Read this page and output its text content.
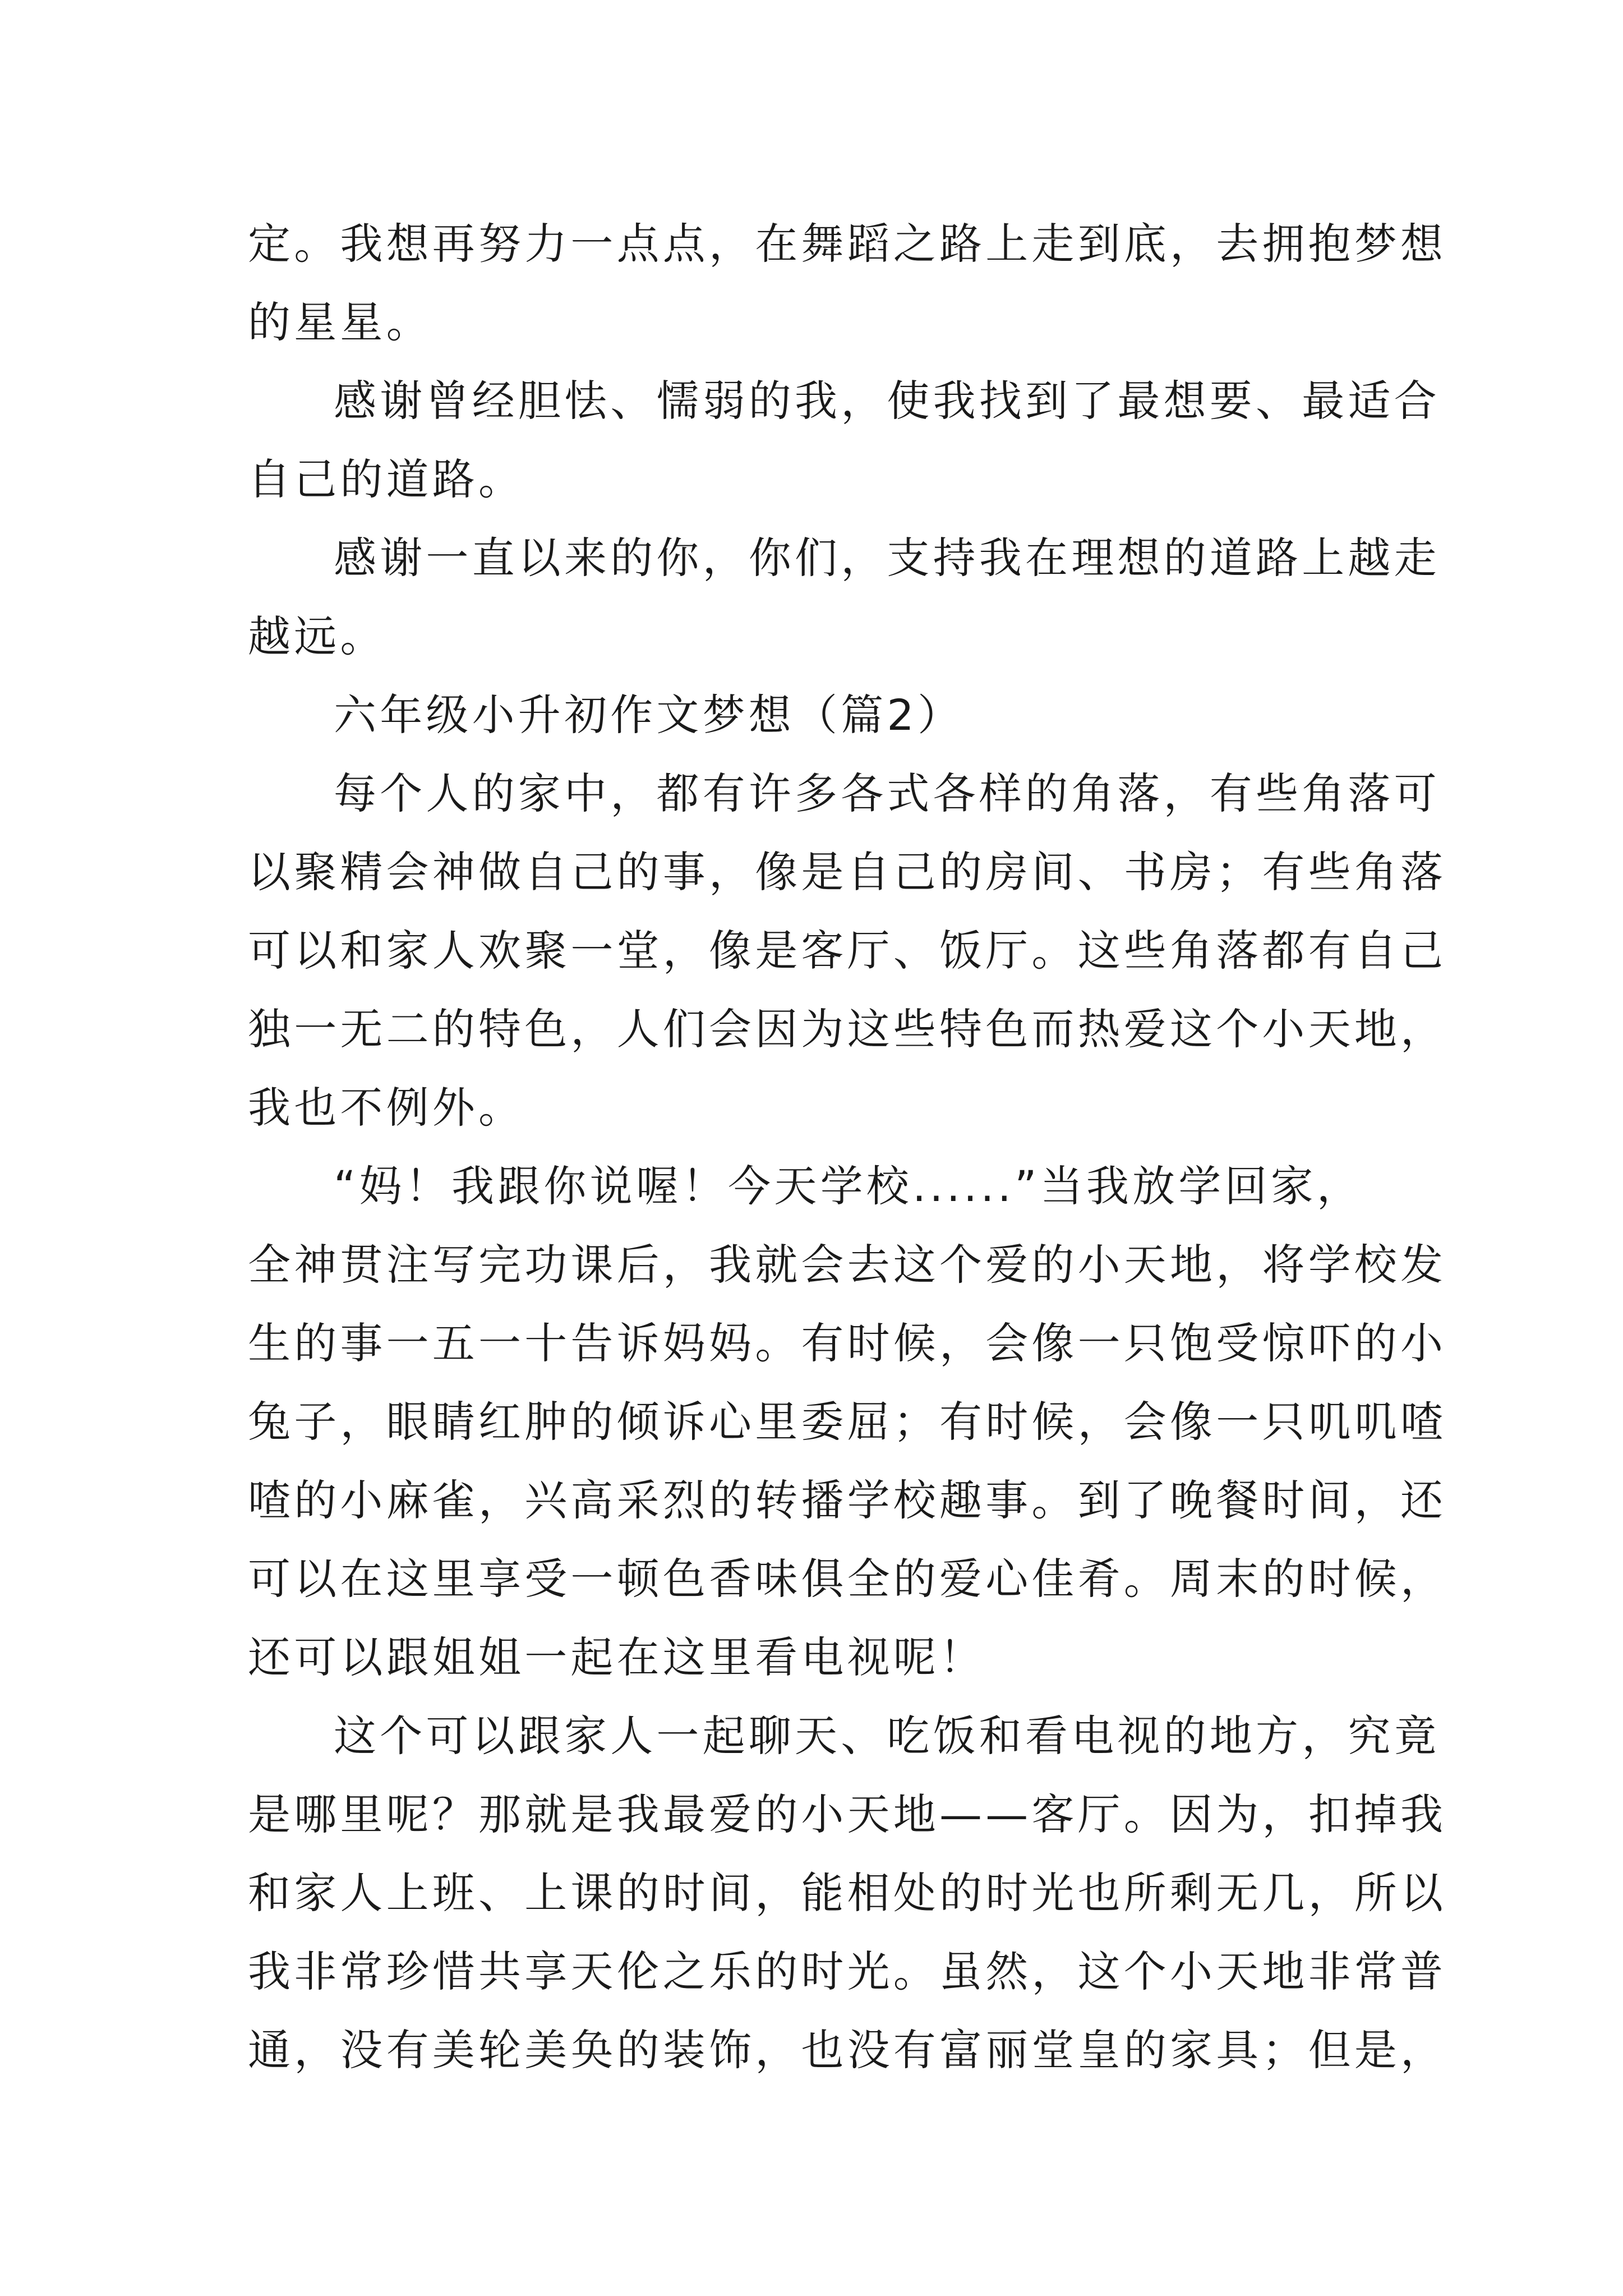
定。我想再努力一点点，在舞蹈之路上走到底，去拥抱梦想
的星星。
感谢曾经胆怯、懦弱的我，使我找到了最想要、最适合
自己的道路。
感谢一直以来的你，你们，支持我在理想的道路上越走
越远。
六年级小升初作文梦想（篇2）
每个人的家中，都有许多各式各样的角落，有些角落可
以聚精会神做自己的事，像是自己的房间、书房；有些角落
可以和家人欢聚一堂，像是客厅、饭厅。这些角落都有自己
独一无二的特色，人们会因为这些特色而热爱这个小天地，
我也不例外。
“妈！我跟你说喔！今天学校......”当我放学回家，
全神贯注写完功课后，我就会去这个爱的小天地，将学校发
生的事一五一十告诉妈妈。有时候，会像一只饱受惊吓的小
兔子，眼睛红肿的倾诉心里委屈；有时候，会像一只叽叽喳
喳的小麻雀，兴高采烈的转播学校趣事。到了晚餐时间，还
可以在这里享受一顿色香味俱全的爱心佳肴。周末的时候，
还可以跟姐姐一起在这里看电视呢！
这个可以跟家人一起聊天、吃饭和看电视的地方，究竟
是哪里呢？那就是我最爱的小天地——客厅。因为，扣掉我
和家人上班、上课的时间，能相处的时光也所剩无几，所以
我非常珍惜共享天伦之乐的时光。虽然，这个小天地非常普
通，没有美轮美奂的装饰，也没有富丽堂皇的家具；但是，
